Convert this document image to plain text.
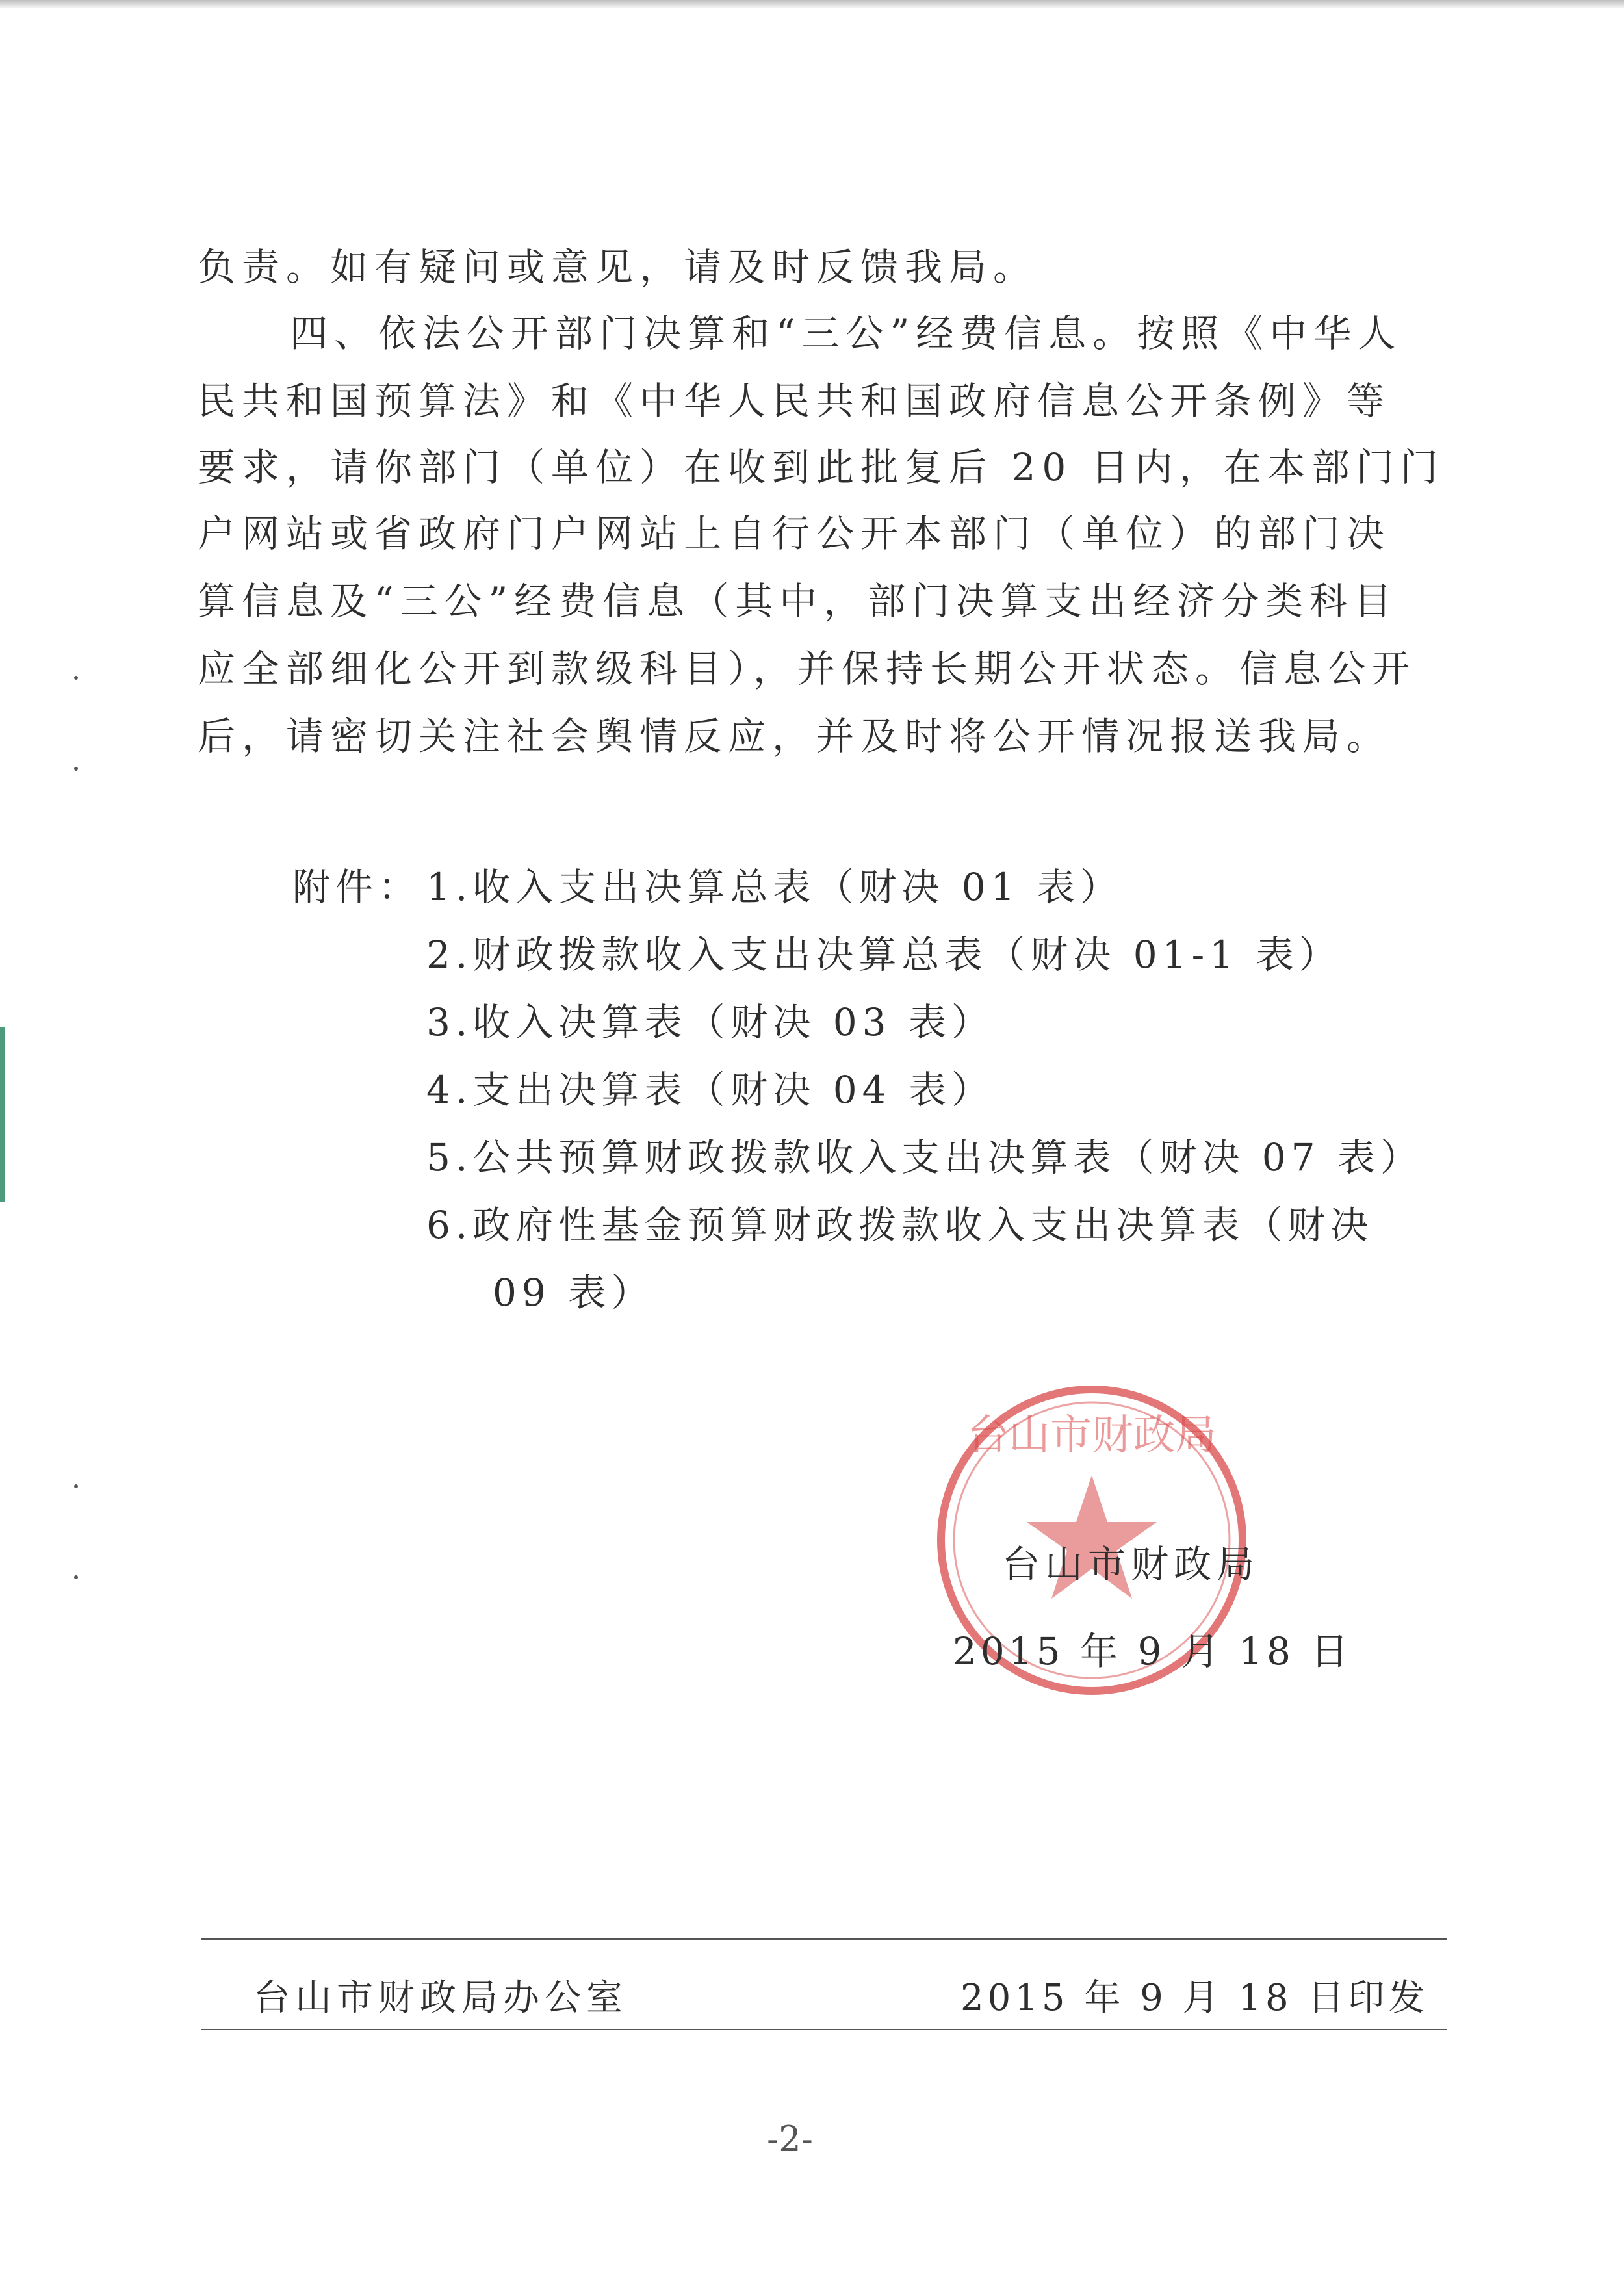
负责。如有疑问或意见，请及时反馈我局。
四、依法公开部门决算和“三公”经费信息。按照《中华人
民共和国预算法》和《中华人民共和国政府信息公开条例》等
要求，请你部门（单位）在收到此批复后 20 日内，在本部门门
户网站或省政府门户网站上自行公开本部门（单位）的部门决
算信息及“三公”经费信息（其中，部门决算支出经济分类科目
应全部细化公开到款级科目），并保持长期公开状态。信息公开
后，请密切关注社会舆情反应，并及时将公开情况报送我局。
附件： 1.收入支出决算总表（财决 01 表）
2.财政拨款收入支出决算总表（财决 01-1 表）
3.收入决算表（财决 03 表）
4.支出决算表（财决 04 表）
5.公共预算财政拨款收入支出决算表（财决 07 表）
6.政府性基金预算财政拨款收入支出决算表（财决
09 表）
台山市财政局
台山市财政局
2015 年 9 月 18 日
台山市财政局办公室	2015 年 9 月 18 日印发
-2-
